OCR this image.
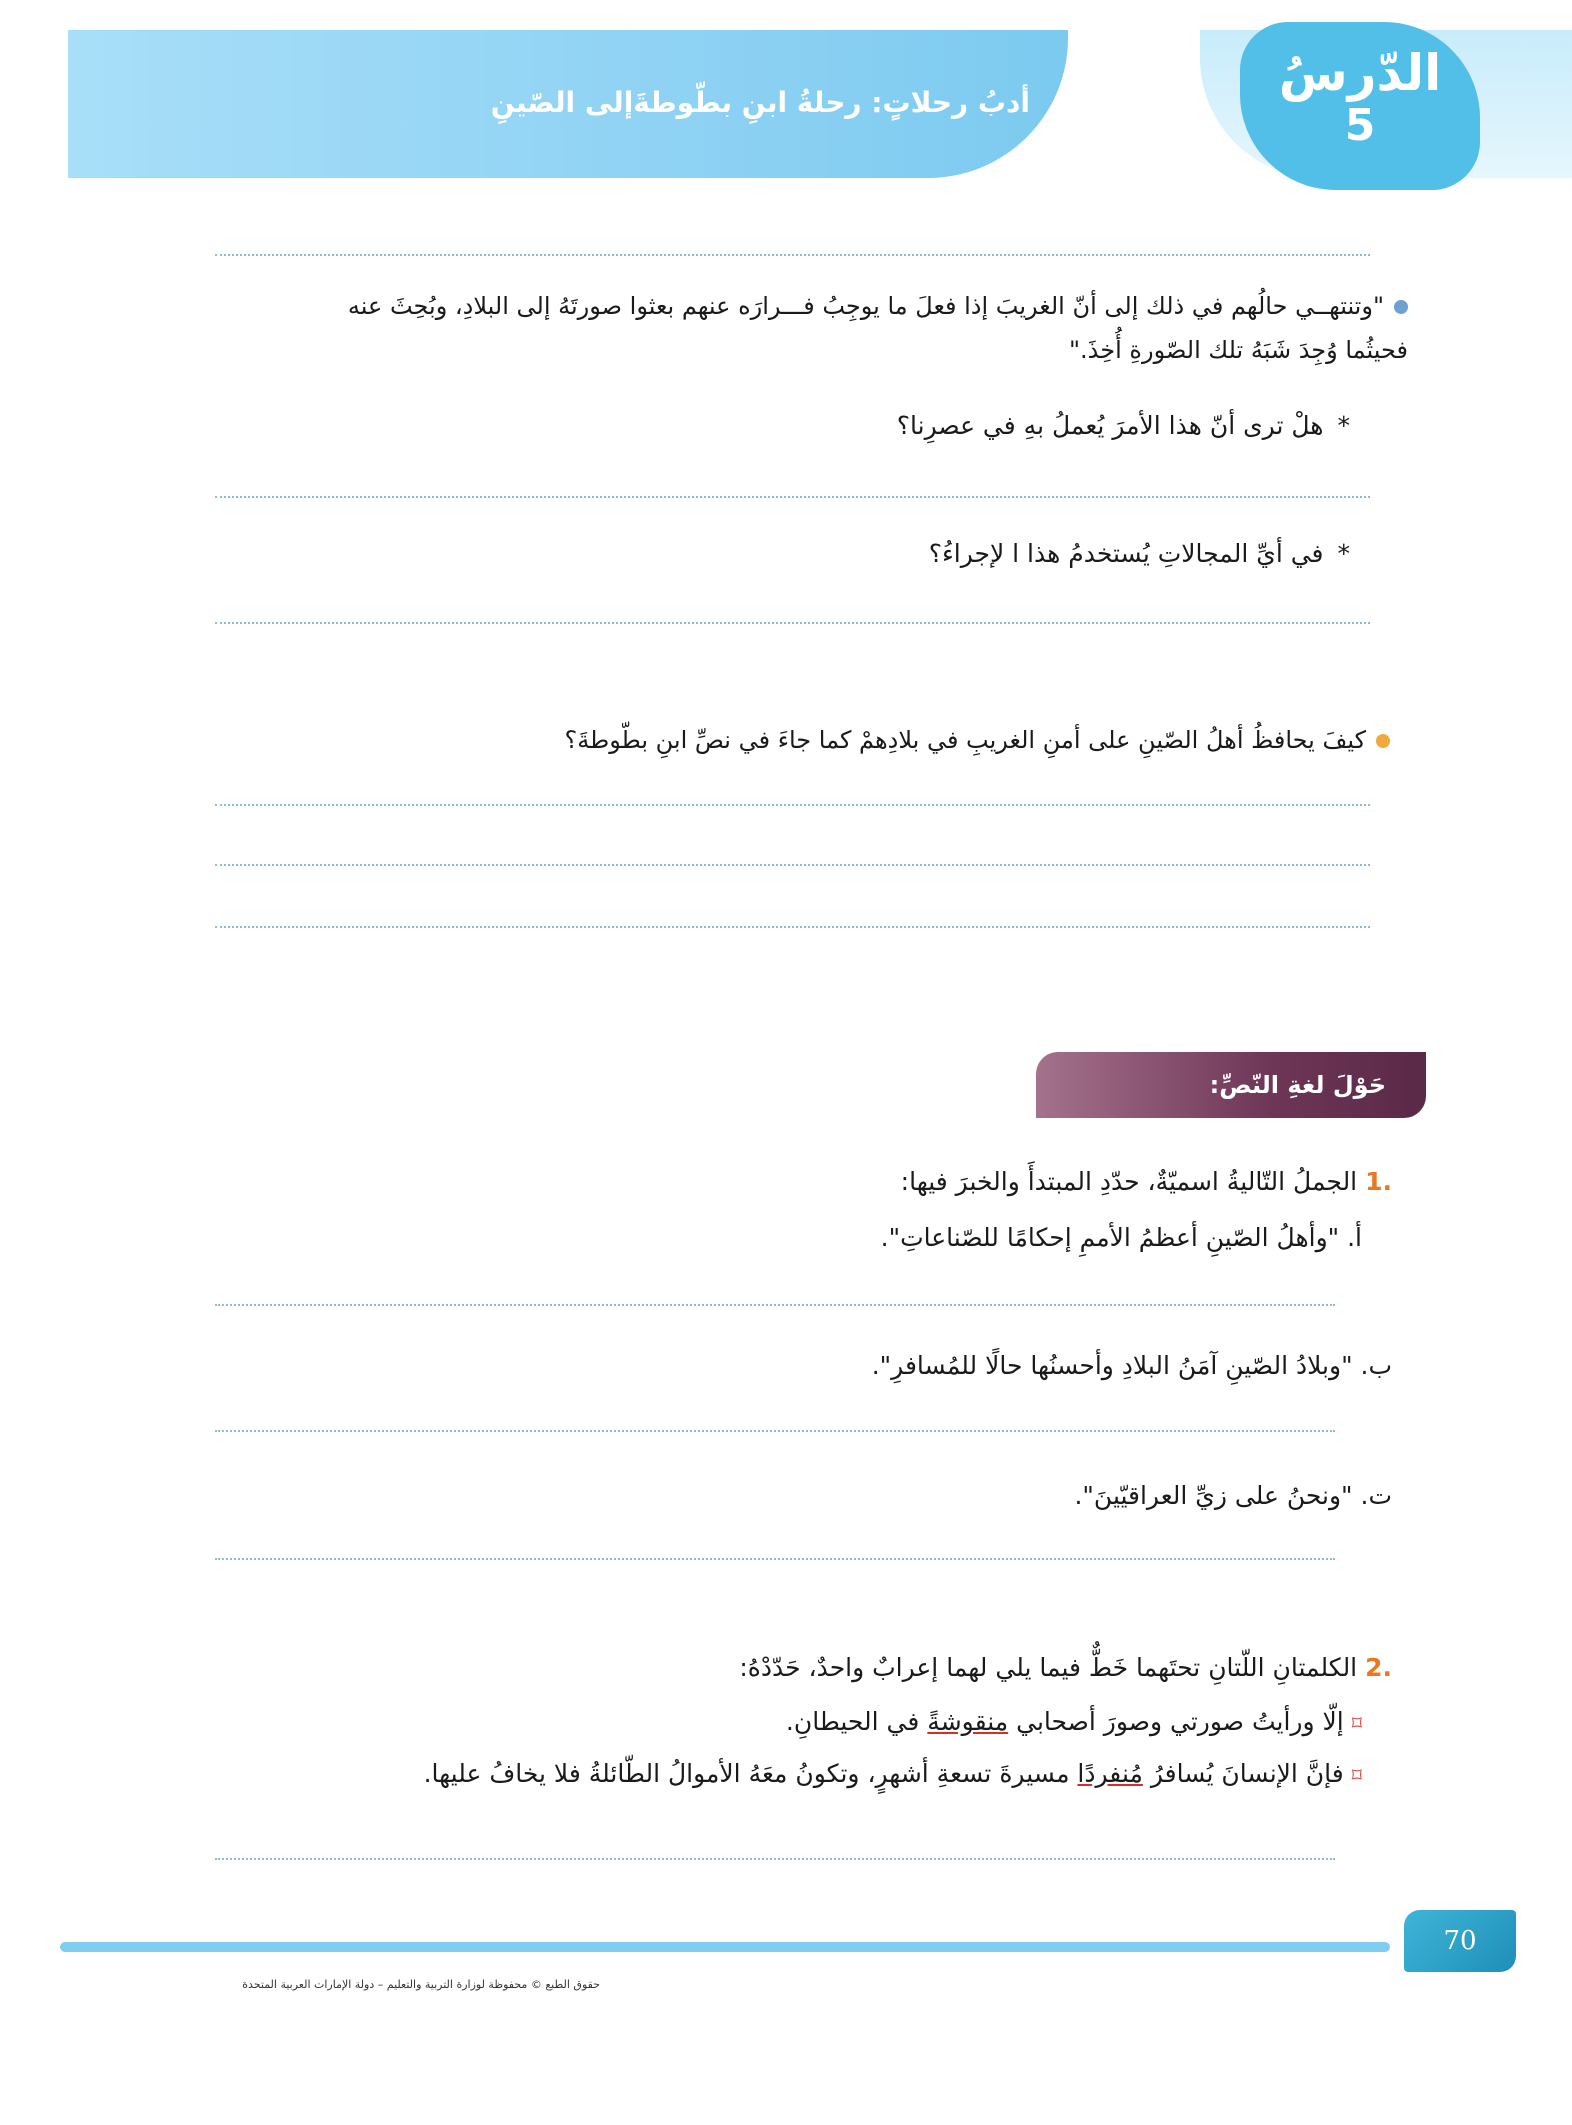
أدبُ رحلاتٍ: رحلةُ ابنِ بطّوطةَإلى الصّينِ
الدّرسُ
5
"وتنتهــي حالُهم في ذلك إلى أنّ الغريبَ إذا فعلَ ما يوجِبُ فـــرارَه عنهم بعثوا صورتَهُ إلى البلادِ، وبُحِثَ عنه
فحيثُما وُجِدَ شَبَهُ تلك الصّورةِ أُخِذَ."
*هلْ ترى أنّ هذا الأمرَ يُعملُ بهِ في عصرِنا؟
*في أيِّ المجالاتِ يُستخدمُ هذا ا لإجراءُ؟
كيفَ يحافظُ أهلُ الصّينِ على أمنِ الغريبِ في بلادِهمْ كما جاءَ في نصِّ ابنِ بطّوطةَ؟
حَوْلَ لغةِ النّصِّ:
.1 الجملُ التّاليةُ اسميّةٌ، حدّدِ المبتدأَ والخبرَ فيها:
أ. "وأهلُ الصّينِ أعظمُ الأممِ إحكامًا للصّناعاتِ".
ب. "وبلادُ الصّينِ آمَنُ البلادِ وأحسنُها حالًا للمُسافرِ".
ت. "ونحنُ على زيِّ العراقيّينَ".
.2 الكلمتانِ اللّتانِ تحتَهما خَطٌّ فيما يلي لهما إعرابٌ واحدٌ، حَدّدْهُ:
⌑إلّا ورأيتُ صورتي وصورَ أصحابي منقوشةً في الحيطانِ.
⌑فإنَّ الإنسانَ يُسافرُ مُنفردًا مسيرةَ تسعةِ أشهرٍ، وتكونُ معَهُ الأموالُ الطّائلةُ فلا يخافُ عليها.
70
حقوق الطبع © محفوظة لوزارة التربية والتعليم – دولة الإمارات العربية المتحدة
